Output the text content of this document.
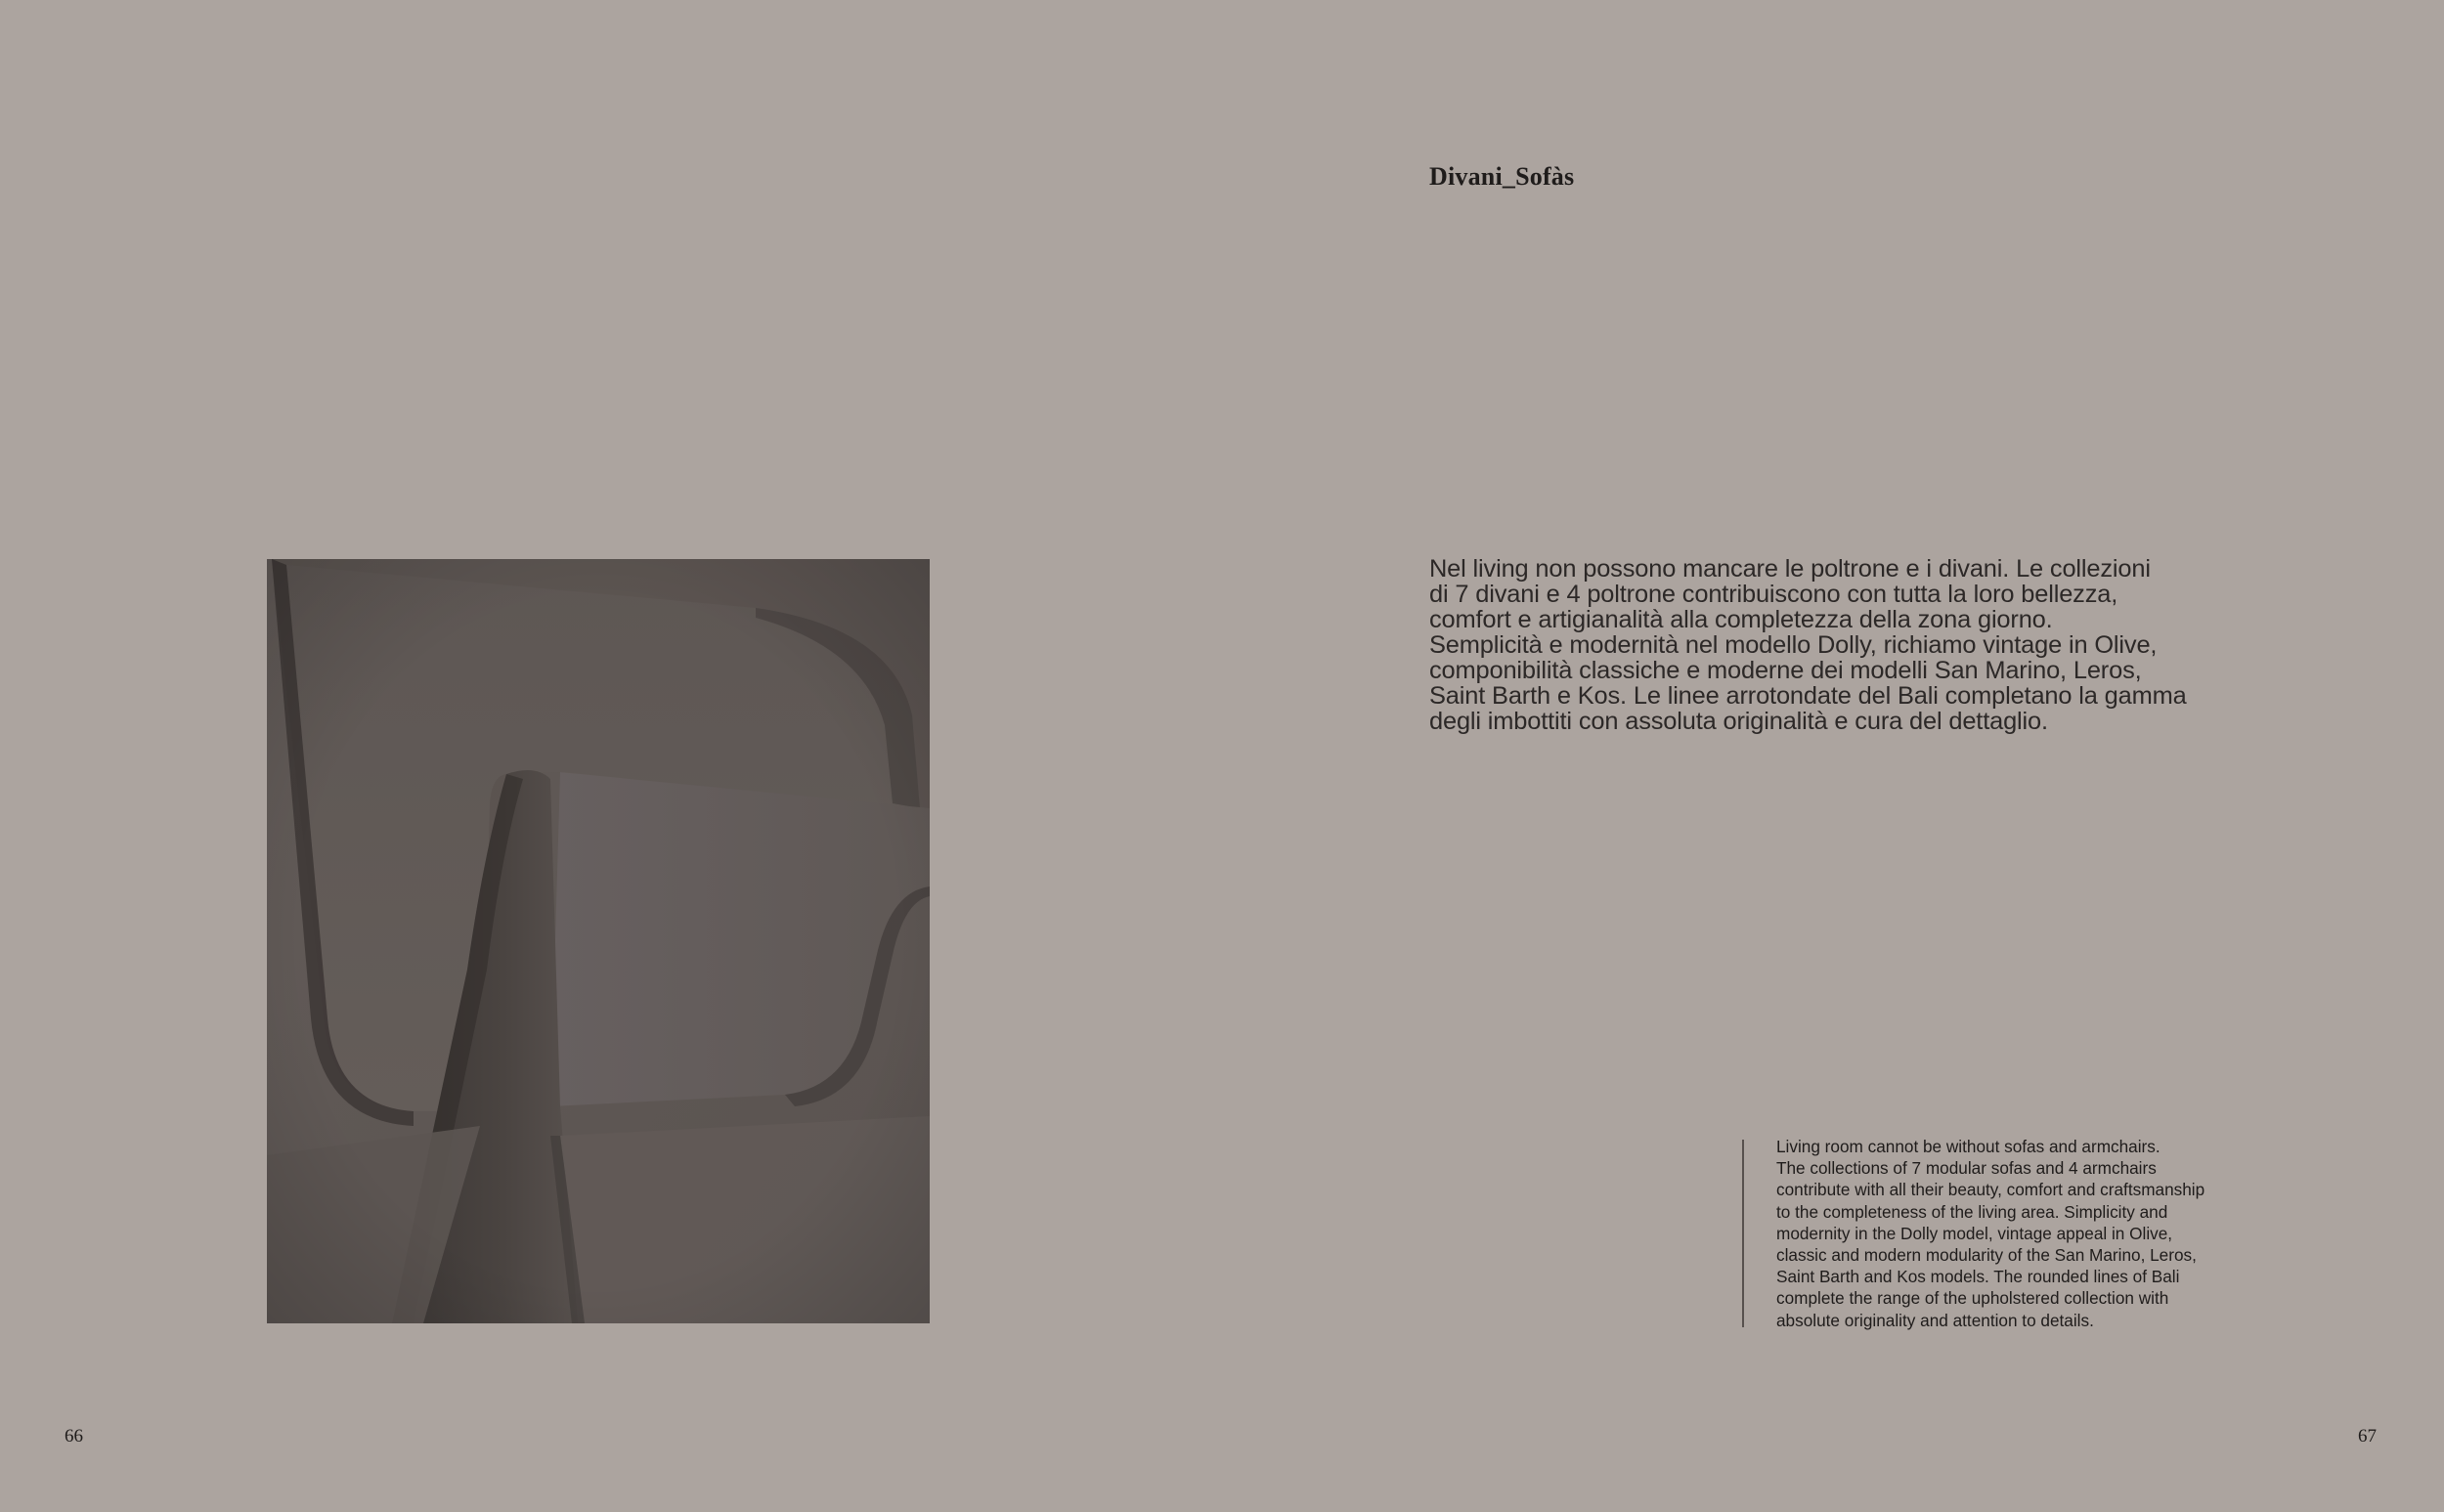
Divani_Sofàs

Nel living non possono mancare le poltrone e i divani. Le collezioni
di 7 divani e 4 poltrone contribuiscono con tutta la loro bellezza,
comfort e artigianalità alla completezza della zona giorno.
Semplicità e modernità nel modello Dolly, richiamo vintage in Olive,
componibilità classiche e moderne dei modelli San Marino, Leros,
Saint Barth e Kos. Le linee arrotondate del Bali completano la gamma
degli imbottiti con assoluta originalità e cura del dettaglio.

Living room cannot be without sofas and armchairs.
The collections of 7 modular sofas and 4 armchairs
contribute with all their beauty, comfort and craftsmanship
to the completeness of the living area. Simplicity and
modernity in the Dolly model, vintage appeal in Olive,
classic and modern modularity of the San Marino, Leros,
Saint Barth and Kos models. The rounded lines of Bali
complete the range of the upholstered collection with
absolute originality and attention to details.

66	67
